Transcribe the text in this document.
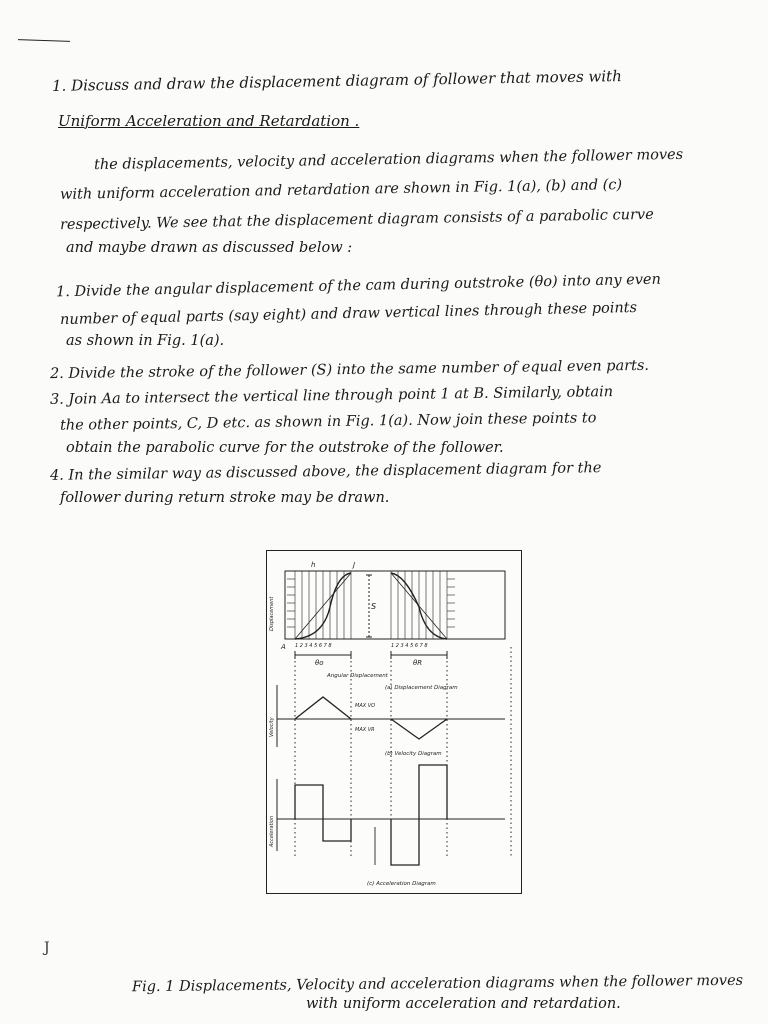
1. Discuss and draw the displacement diagram of follower that moves with
Uniform Acceleration and Retardation .
the displacements, velocity and acceleration diagrams when the follower moves
with uniform acceleration and retardation are shown in Fig. 1(a), (b) and (c)
respectively. We see that the displacement diagram consists of a parabolic curve
and maybe drawn as discussed below :
1. Divide the angular displacement of the cam during outstroke (θo) into any even
number of equal parts (say eight) and draw vertical lines through these points
as shown in Fig. 1(a).
2. Divide the stroke of the follower (S) into the same number of equal even parts.
3. Join Aa to intersect the vertical line through point 1 at B. Similarly, obtain
the other points, C, D etc. as shown in Fig. 1(a). Now join these points to
obtain the parabolic curve for the outstroke of the follower.
4. In the similar way as discussed above, the displacement diagram for the
follower during return stroke may be drawn.
A
h	J
S
1 2 3 4 5 6 7 8	1 2 3 4 5 6 7 8
θo	θR
Angular Displacement
(a) Displacement Diagram
MAX VO
MAX VR
(b) Velocity Diagram
(c) Acceleration Diagram
Displacement
Velocity
Acceleration
J
Fig. 1 Displacements, Velocity and acceleration diagrams when the follower moves
with uniform acceleration and retardation.
